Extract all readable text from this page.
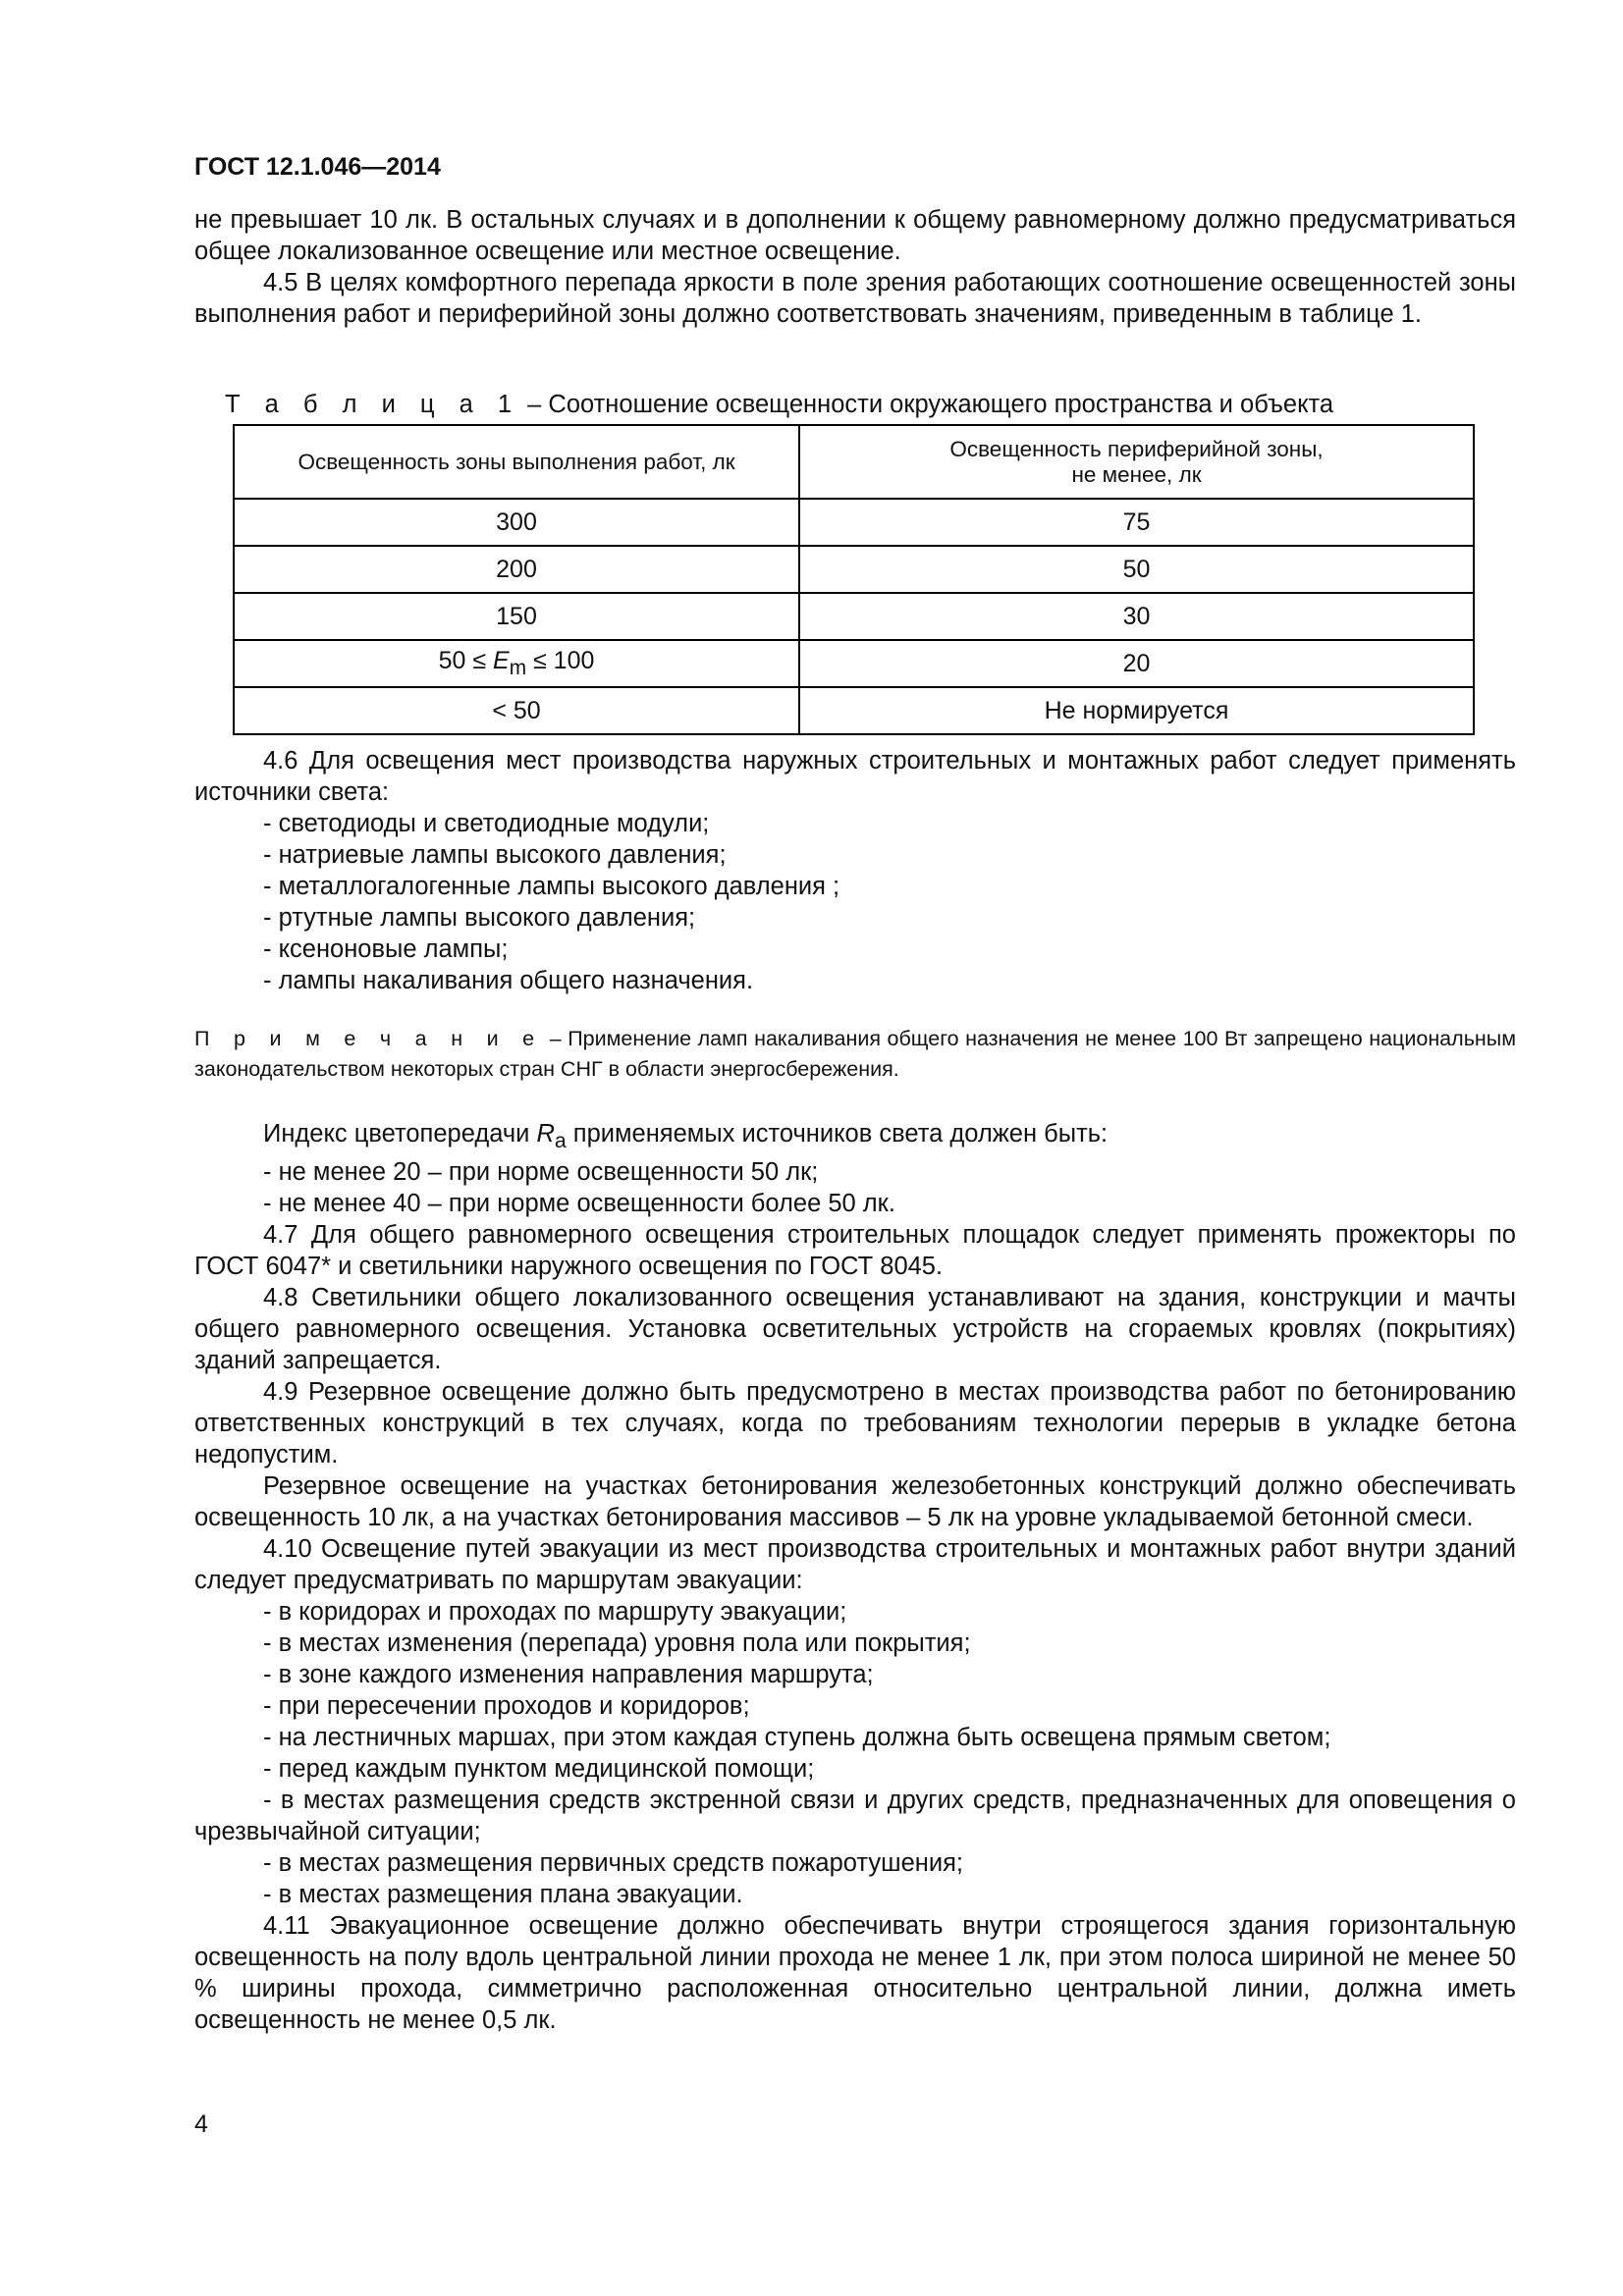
ГОСТ 12.1.046—2014

не превышает 10 лк. В остальных случаях и в дополнении к общему равномерному должно предусматриваться общее локализованное освещение или местное освещение.

4.5 В целях комфортного перепада яркости в поле зрения работающих соотношение освещенностей зоны выполнения работ и периферийной зоны должно соответствовать значениям, приведенным в таблице 1.

Т а б л и ц а 1 – Соотношение освещенности окружающего пространства и объекта
Освещенность зоны выполнения работ, лк	Освещенность периферийной зоны,
не менее, лк
300	75
200	50
150	30
$50 \le E_m \le 100$	20
< 50	Не нормируется

4.6 Для освещения мест производства наружных строительных и монтажных работ следует применять источники света:

- светодиоды и светодиодные модули;

- натриевые лампы высокого давления;

- металлогалогенные лампы высокого давления ;

- ртутные лампы высокого давления;

- ксеноновые лампы;

- лампы накаливания общего назначения.

П р и м е ч а н и е – Применение ламп накаливания общего назначения не менее 100 Вт запрещено национальным законодательством некоторых стран СНГ в области энергосбережения.

Индекс цветопередачи $R_a$ применяемых источников света должен быть:

- не менее 20 – при норме освещенности 50 лк;

- не менее 40 – при норме освещенности более 50 лк.

4.7 Для общего равномерного освещения строительных площадок следует применять прожекторы по ГОСТ 6047* и светильники наружного освещения по ГОСТ 8045.

4.8 Светильники общего локализованного освещения устанавливают на здания, конструкции и мачты общего равномерного освещения. Установка осветительных устройств на сгораемых кровлях (покрытиях) зданий запрещается.

4.9 Резервное освещение должно быть предусмотрено в местах производства работ по бетонированию ответственных конструкций в тех случаях, когда по требованиям технологии перерыв в укладке бетона недопустим.

Резервное освещение на участках бетонирования железобетонных конструкций должно обеспечивать освещенность 10 лк, а на участках бетонирования массивов – 5 лк на уровне укладываемой бетонной смеси.

4.10 Освещение путей эвакуации из мест производства строительных и монтажных работ внутри зданий следует предусматривать по маршрутам эвакуации:

- в коридорах и проходах по маршруту эвакуации;

- в местах изменения (перепада) уровня пола или покрытия;

- в зоне каждого изменения направления маршрута;

- при пересечении проходов и коридоров;

- на лестничных маршах, при этом каждая ступень должна быть освещена прямым светом;

- перед каждым пунктом медицинской помощи;

- в местах размещения средств экстренной связи и других средств, предназначенных для оповещения о чрезвычайной ситуации;

- в местах размещения первичных средств пожаротушения;

- в местах размещения плана эвакуации.

4.11 Эвакуационное освещение должно обеспечивать внутри строящегося здания горизонтальную освещенность на полу вдоль центральной линии прохода не менее 1 лк, при этом полоса шириной не менее 50 % ширины прохода, симметрично расположенная относительно центральной линии, должна иметь освещенность не менее 0,5 лк.

4
